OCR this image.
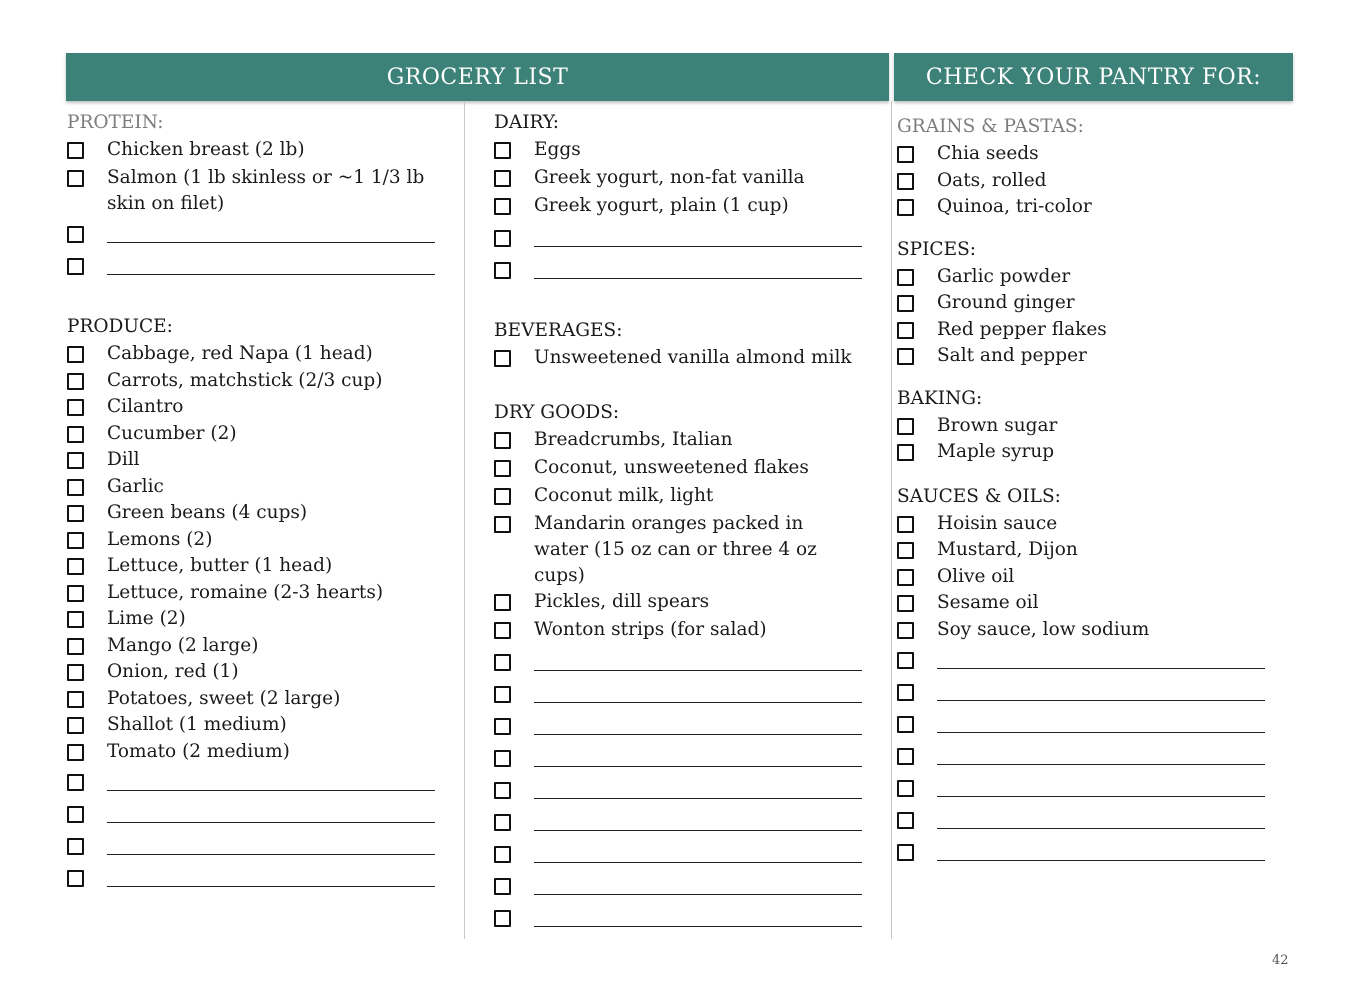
GROCERY LIST	CHECK YOUR PANTRY FOR:
PROTEIN:
Chicken breast (2 lb)
Salmon (1 lb skinless or ~1 1/3 lb skin on filet)
PRODUCE:
Cabbage, red Napa (1 head)
Carrots, matchstick (2/3 cup)
Cilantro
Cucumber (2)
Dill
Garlic
Green beans (4 cups)
Lemons (2)
Lettuce, butter (1 head)
Lettuce, romaine (2-3 hearts)
Lime (2)
Mango (2 large)
Onion, red (1)
Potatoes, sweet (2 large)
Shallot (1 medium)
Tomato (2 medium)
DAIRY:
Eggs
Greek yogurt, non-fat vanilla
Greek yogurt, plain (1 cup)
BEVERAGES:
Unsweetened vanilla almond milk
DRY GOODS:
Breadcrumbs, Italian
Coconut, unsweetened flakes
Coconut milk, light
Mandarin oranges packed in water (15 oz can or three 4 oz cups)
Pickles, dill spears
Wonton strips (for salad)
GRAINS & PASTAS:
Chia seeds
Oats, rolled
Quinoa, tri-color
SPICES:
Garlic powder
Ground ginger
Red pepper flakes
Salt and pepper
BAKING:
Brown sugar
Maple syrup
SAUCES & OILS:
Hoisin sauce
Mustard, Dijon
Olive oil
Sesame oil
Soy sauce, low sodium
42
